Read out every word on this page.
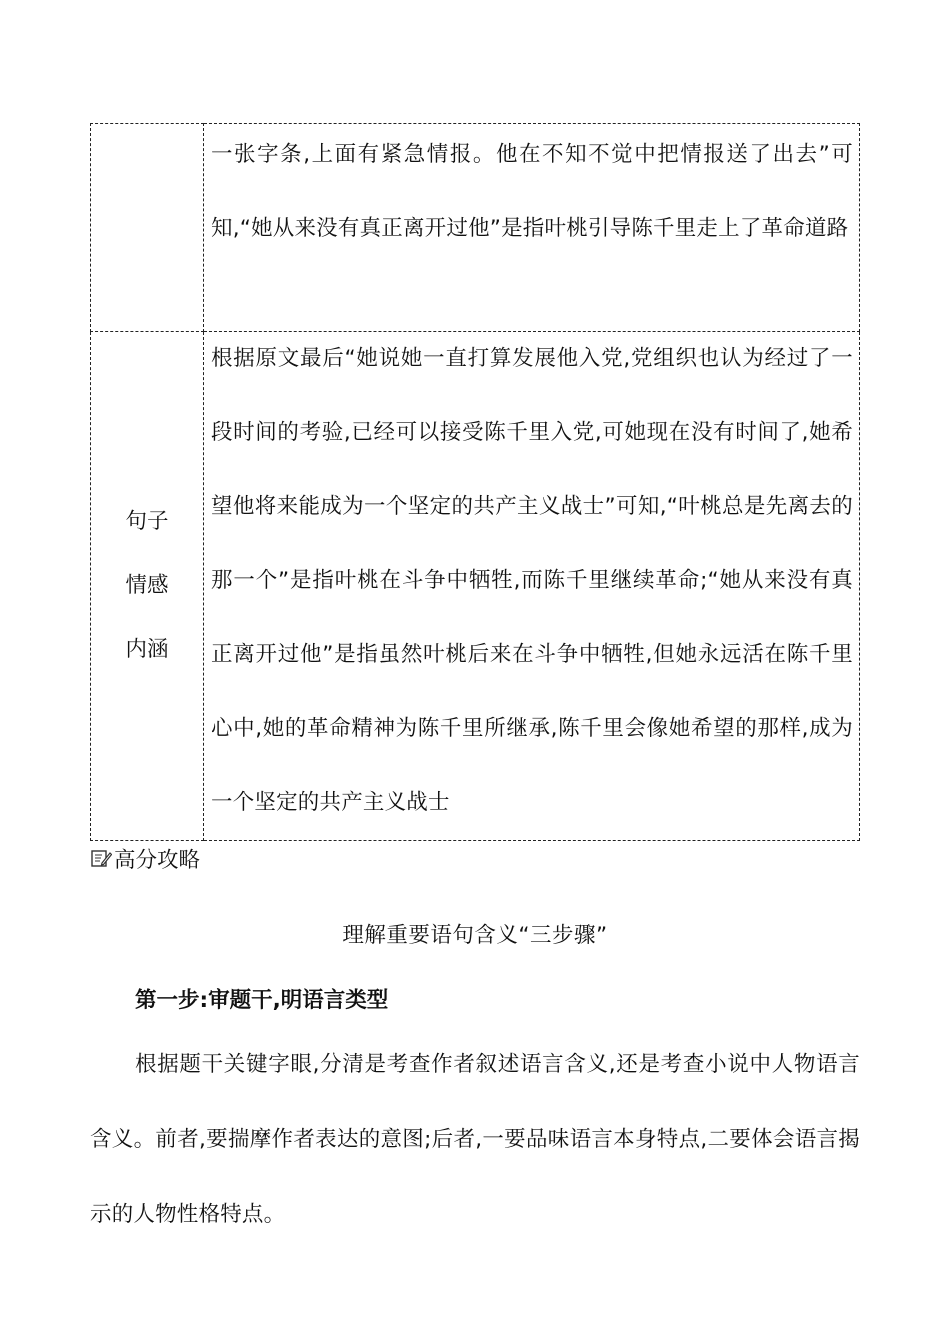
	一张字条,上面有紧急情报。他在不知不觉中把情报送了出去”可知,“她从来没有真正离开过他”是指叶桃引导陈千里走上了革命道路

句子
情感
内涵	根据原文最后“她说她一直打算发展他入党,党组织也认为经过了一段时间的考验,已经可以接受陈千里入党,可她现在没有时间了,她希望他将来能成为一个坚定的共产主义战士”可知,“叶桃总是先离去的那一个”是指叶桃在斗争中牺牲,而陈千里继续革命;“她从来没有真正离开过他”是指虽然叶桃后来在斗争中牺牲,但她永远活在陈千里心中,她的革命精神为陈千里所继承,陈千里会像她希望的那样,成为一个坚定的共产主义战士
高分攻略
理解重要语句含义“三步骤”
第一步:审题干,明语言类型
根据题干关键字眼,分清是考查作者叙述语言含义,还是考查小说中人物语言含义。前者,要揣摩作者表达的意图;后者,一要品味语言本身特点,二要体会语言揭示的人物性格特点。
